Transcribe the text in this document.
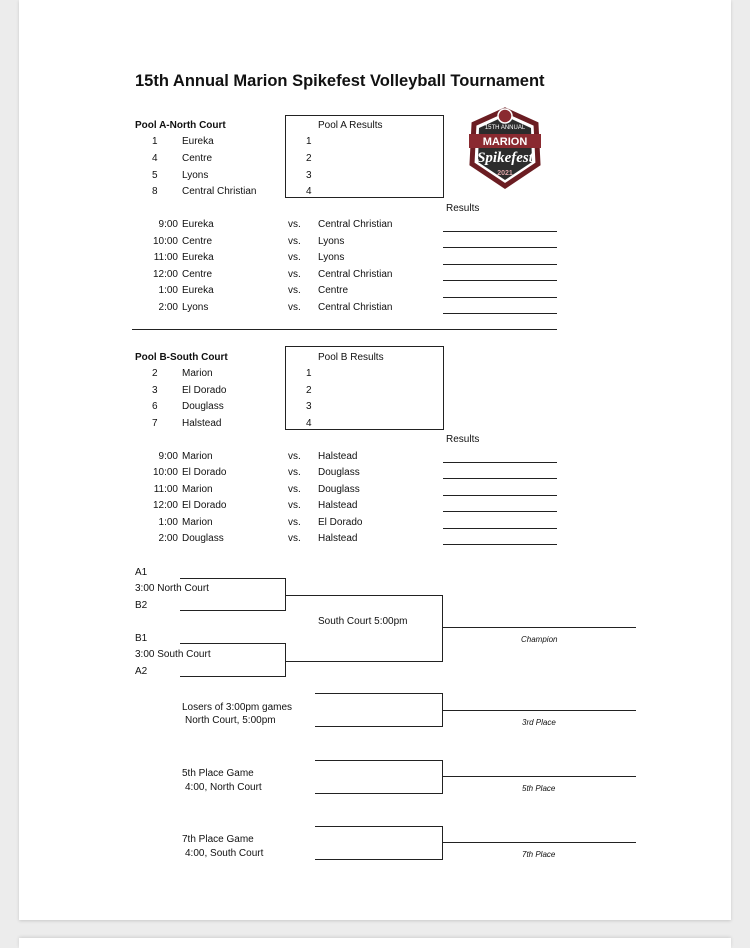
15th Annual Marion Spikefest Volleyball Tournament
15TH ANNUAL
MARION
Spikefest
2021
Pool A-North Court
1 Eureka
4 Centre
5 Lyons
8 Central Christian
Pool A Results
1
2
3
4
Results
9:00 Eureka	vs. Central Christian
10:00 Centre	vs. Lyons
11:00 Eureka	vs. Lyons
12:00 Centre	vs. Central Christian
1:00 Eureka	vs. Centre
2:00 Lyons	vs. Central Christian
Pool B-South Court
2 Marion
3 El Dorado
6 Douglass
7 Halstead
Pool B Results
1
2
3
4
Results
9:00 Marion	vs. Halstead
10:00 El Dorado	vs. Douglass
11:00 Marion	vs. Douglass
12:00 El Dorado	vs. Halstead
1:00 Marion	vs. El Dorado
2:00 Douglass	vs. Halstead
A1
3:00 North Court
B2
South Court 5:00pm
Champion
B1
3:00 South Court
A2
Losers of 3:00pm games
North Court, 5:00pm	3rd Place
5th Place Game
4:00, North Court	5th Place
7th Place Game
4:00, South Court	7th Place
